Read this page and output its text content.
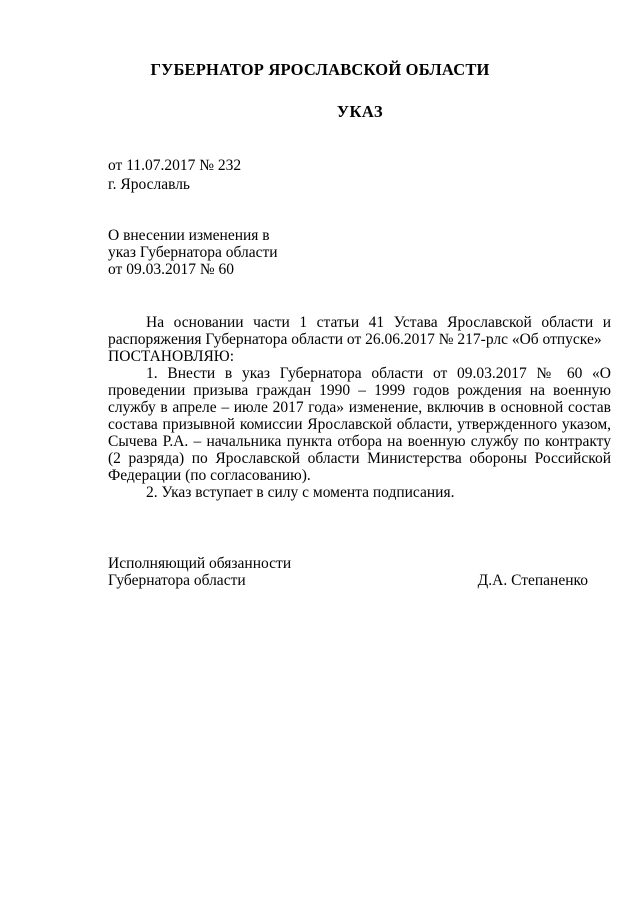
ГУБЕРНАТОР ЯРОСЛАВСКОЙ ОБЛАСТИ
УКАЗ
от 11.07.2017 № 232
г. Ярославль
О внесении изменения в
указ Губернатора области
от 09.03.2017 № 60

На основании части 1 статьи 41 Устава Ярославской области и распоряжения Губернатора области от 26.06.2017 № 217-рлс «Об отпуске»

ПОСТАНОВЛЯЮ:

1. Внести в указ Губернатора области от 09.03.2017 № 60 «О проведении призыва граждан 1990 – 1999 годов рождения на военную службу в апреле – июле 2017 года» изменение, включив в основной состав состава призывной комиссии Ярославской области, утвержденного указом, Сычева Р.А. – начальника пункта отбора на военную службу по контракту (2 разряда) по Ярославской области Министерства обороны Российской Федерации (по согласованию).

2. Указ вступает в силу с момента подписания.

Исполняющий обязанности
Губернатора области	Д.А. Степаненко
